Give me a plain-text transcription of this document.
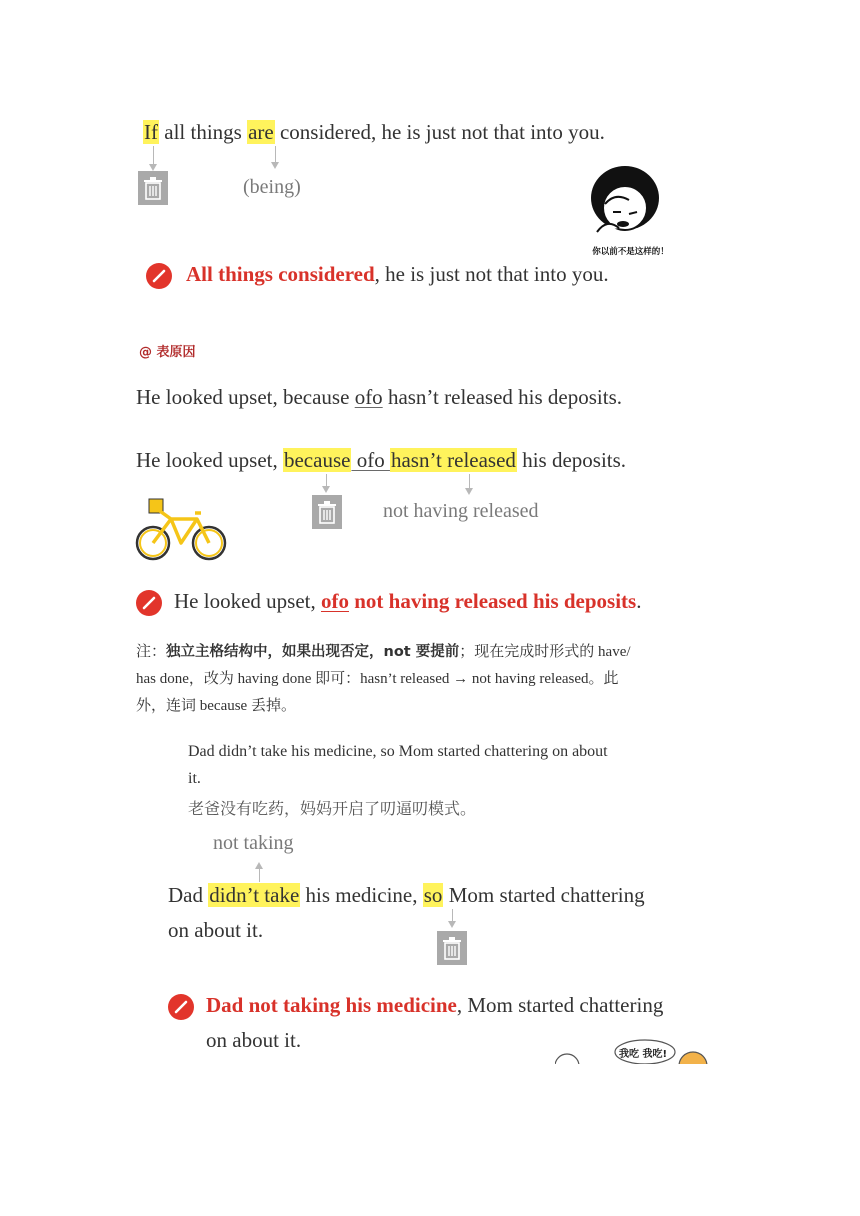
If all things are considered, he is just not that into you.
(being)
你以前不是这样的！
All things considered, he is just not that into you.
@ 表原因
He looked upset, because ofo hasn’t released his deposits.
He looked upset, because ofo hasn’t released his deposits.
not having released
He looked upset, ofo not having released his deposits.
注：独立主格结构中，如果出现否定，not 要提前；现在完成时形式的 have/
has done，改为 having done 即可：hasn’t released → not having released。此
外，连词 because 丢掉。
Dad didn’t take his medicine, so Mom started chattering on about
it.
老爸没有吃药，妈妈开启了叨逼叨模式。
not taking
Dad didn’t take his medicine, so Mom started chattering
on about it.
Dad not taking his medicine, Mom started chattering
on about it.
我吃 我吃!
